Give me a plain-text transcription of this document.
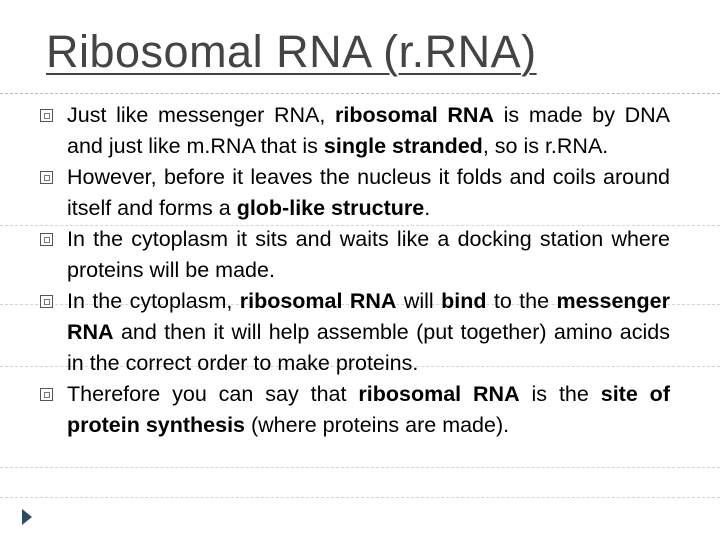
Ribosomal RNA (r.RNA)
Just like messenger RNA, ribosomal RNA is made by DNA and just like m.RNA that is single stranded, so is r.RNA.
However, before it leaves the nucleus it folds and coils around itself and forms a glob-like structure.
In the cytoplasm it sits and waits like a docking station where proteins will be made.
In the cytoplasm, ribosomal RNA will bind to the messenger RNA and then it will help assemble (put together) amino acids in the correct order to make proteins.
Therefore you can say that ribosomal RNA is the site of protein synthesis (where proteins are made).
